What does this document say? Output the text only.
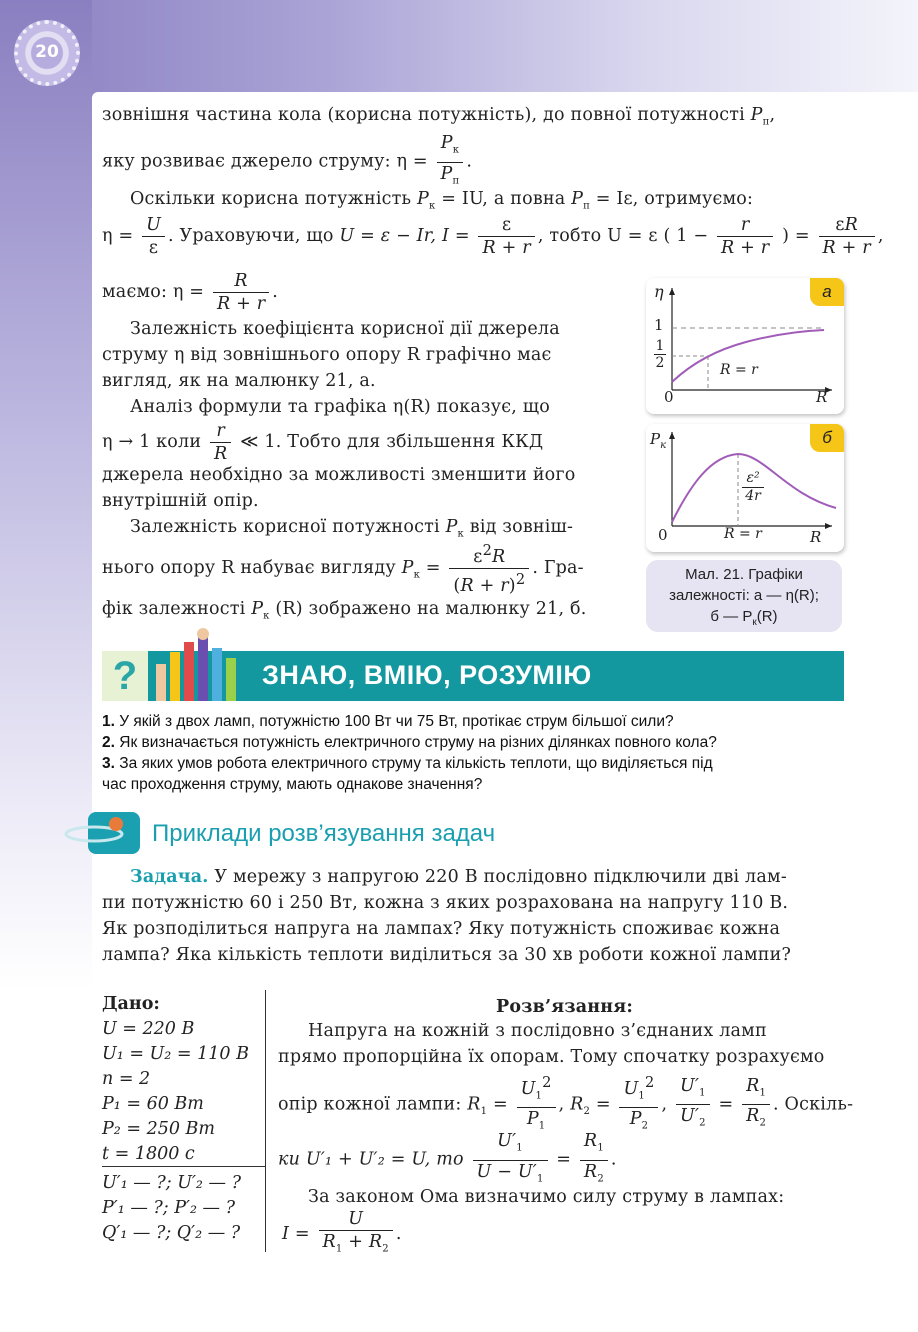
20
зовнішня частина кола (корисна потужність), до повної потужності $P_п$,
яку розвиває джерело струму: $\eta = \frac{P_к}{P_п}$ .
Оскільки корисна потужність $P_к$ = IU, а повна $P_п = I\varepsilon$, отримуємо:
$\eta = \frac{U}{\varepsilon}$ . Ураховуючи, що U = ε − Ir, $I = \frac{\varepsilon}{R + r}$ , тобто U = ε ( $1 - \frac{r}{R + r}$ ) = $\frac{\varepsilon R}{R + r}$ ,
маємо: $\eta = \frac{R}{R + r}$ .
Залежність коефіцієнта корисної дії джерела
струму η від зовнішнього опору R графічно має
вигляд, як на малюнку 21, а.
Аналіз формули та графіка η(R) показує, що
η → 1 коли $\frac{r}{R}$ ≪ 1. Тобто для збільшення ККД
джерела необхідно за можливості зменшити його
внутрішній опір.
Залежність корисної потужності $P_к$ від зовніш-
нього опору R набуває вигляду $P_к = \frac{\varepsilon^2R}{(R + r)^2}$ . Гра-
фік залежності $P_к$ (R) зображено на малюнку 21, б.
а
η
1
1
2
0	R
R = r
б
$P_к$
ε²
4r
0	R = r	R
Мал. 21. Графіки
залежності: а — η(R);
б — $P_к(R)$
?	ЗНАЮ, ВМІЮ, РОЗУМІЮ
1. У якій з двох ламп, потужністю 100 Вт чи 75 Вт, протікає струм більшої сили?
2. Як визначається потужність електричного струму на різних ділянках повного кола?
3. За яких умов робота електричного струму та кількість теплоти, що виділяється під
час проходження струму, мають однакове значення?
Приклади розв’язування задач
Задача. У мережу з напругою 220 В послідовно підключили дві лам-
пи потужністю 60 і 250 Вт, кожна з яких розрахована на напругу 110 В.
Як розподілиться напруга на лампах? Яку потужність споживає кожна
лампа? Яка кількість теплоти виділиться за 30 хв роботи кожної лампи?
Дано:
U = 220 В
U₁ = U₂ = 110 В
n = 2
P₁ = 60 Вт
P₂ = 250 Вт
t = 1800 с
U′₁ — ?; U′₂ — ?
P′₁ — ?; P′₂ — ?
Q′₁ — ?; Q′₂ — ?
Розв’язання:
Напруга на кожній з послідовно з’єднаних ламп
прямо пропорційна їх опорам. Тому спочатку розрахуємо
опір кожної лампи: $R_1 = \frac{U_1^2}{P_1}$ , $R_2 = \frac{U_1^2}{P_2}$ , $\frac{U'_1}{U'_2} = \frac{R_1}{R_2}$ . Оскіль-
ки U′₁ + U′₂ = U, то $\frac{U'_1}{U - U'_1} = \frac{R_1}{R_2}$ .
За законом Ома визначимо силу струму в лампах:
$I = \frac{U}{R_1 + R_2}$ .
